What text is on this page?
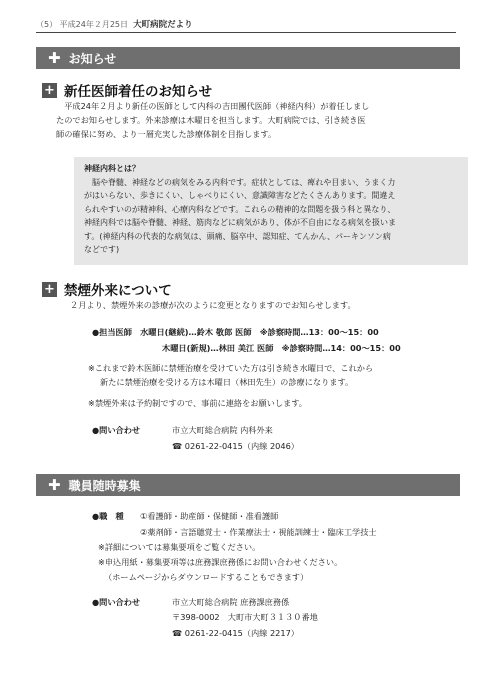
（5） 平成24年２月25日 大町病院だより
✚ お知らせ
+ 新任医師着任のお知らせ

平成24年２月より新任の医師として内科の吉田團代医師（神経内科）が着任しまし

たのでお知らせします。外来診療は木曜日を担当します。大町病院では、引き続き医

師の確保に努め、より一層充実した診療体制を目指します。

神経内科とは？
脳や脊髄、神経などの病気をみる内科です。症状としては、痺れや目まい、うまく力
がはいらない、歩きにくい、しゃべりにくい、意識障害などたくさんあります。間違え
られやすいのが精神科、心療内科などです。これらの精神的な問題を扱う科と異なり、
神経内科では脳や脊髄、神経、筋肉などに病気があり、体が不自由になる病気を扱いま
す。(神経内科の代表的な病気は、頭痛、脳卒中、認知症、てんかん、パーキンソン病
などです)
+ 禁煙外来について
２月より、禁煙外来の診療が次のように変更となりますのでお知らせします。
●担当医師　水曜日(継続)…鈴木 敬郎 医師　※診察時間…13：00～15：00
木曜日(新規)…林田 美江 医師　※診察時間…14：00～15：00
※これまで鈴木医師に禁煙治療を受けていた方は引き続き水曜日で、これから
新たに禁煙治療を受ける方は木曜日（林田先生）の診療になります。
※禁煙外来は予約制ですので、事前に連絡をお願いします。
●問い合わせ	市立大町総合病院 内科外来
☎ 0261-22-0415（内線 2046）
✚ 職員随時募集
●職　種 ①看護師・助産師・保健師・准看護師
②薬剤師・言語聴覚士・作業療法士・視能訓練士・臨床工学技士
※詳細については募集要項をご覧ください。
※申込用紙・募集要項等は庶務課庶務係にお問い合わせください。
（ホームページからダウンロードすることもできます）
●問い合わせ	市立大町総合病院 庶務課庶務係
〒398-0002　大町市大町３１３０番地
☎ 0261-22-0415（内線 2217）
